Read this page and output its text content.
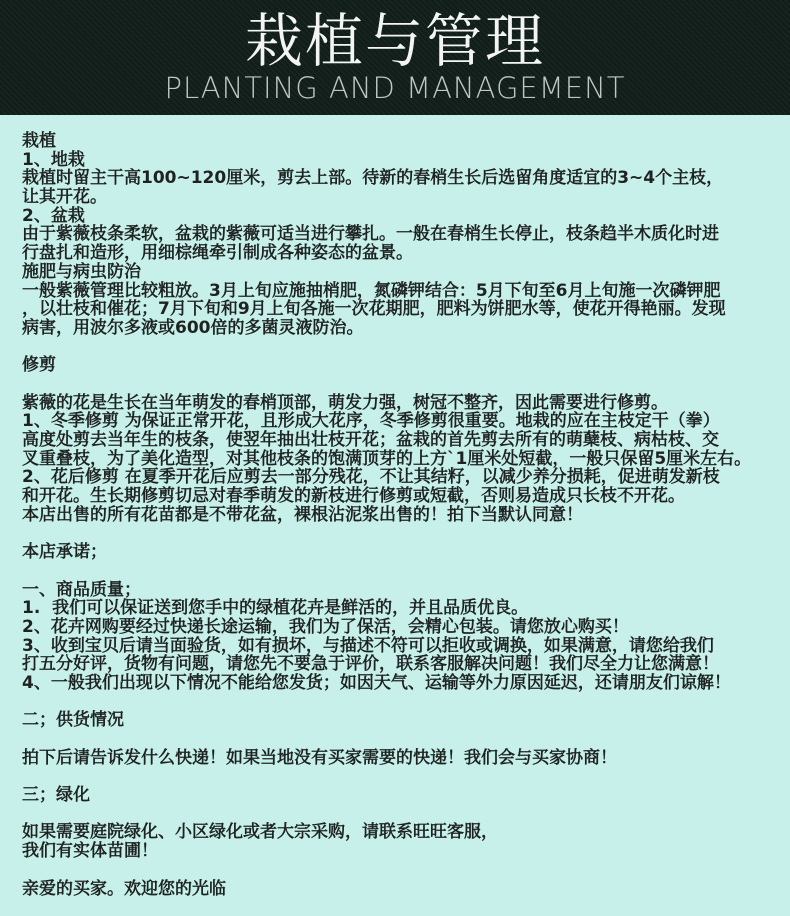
栽植与管理
PLANTING AND MANAGEMENT
栽植
1、地栽
栽植时留主干高100~120厘米，剪去上部。待新的春梢生长后选留角度适宜的3~4个主枝，
让其开花。
2、盆栽
由于紫薇枝条柔软，盆栽的紫薇可适当进行攀扎。一般在春梢生长停止，枝条趋半木质化时进
行盘扎和造形，用细棕绳牵引制成各种姿态的盆景。
施肥与病虫防治
一般紫薇管理比较粗放。3月上旬应施抽梢肥，氮磷钾结合：5月下旬至6月上旬施一次磷钾肥
，以壮枝和催花；7月下旬和9月上旬各施一次花期肥，肥料为饼肥水等，使花开得艳丽。发现
病害，用波尔多液或600倍的多菌灵液防治。

修剪

紫薇的花是生长在当年萌发的春梢顶部，萌发力强，树冠不整齐，因此需要进行修剪。
1、冬季修剪 为保证正常开花，且形成大花序，冬季修剪很重要。地栽的应在主枝定干（拳）
高度处剪去当年生的枝条，使翌年抽出壮枝开花；盆栽的首先剪去所有的萌蘖枝、病枯枝、交
叉重叠枝，为了美化造型，对其他枝条的饱满顶芽的上方`1厘米处短截，一般只保留5厘米左右。
2、花后修剪 在夏季开花后应剪去一部分残花，不让其结籽，以减少养分损耗，促进萌发新枝
和开花。生长期修剪切忌对春季萌发的新枝进行修剪或短截，否则易造成只长枝不开花。
本店出售的所有花苗都是不带花盆，裸根沾泥浆出售的！拍下当默认同意！

本店承诺；

一、商品质量；
1.  我们可以保证送到您手中的绿植花卉是鲜活的，并且品质优良。
2、花卉网购要经过快递长途运输，我们为了保活，会精心包装。请您放心购买！
3、收到宝贝后请当面验货，如有损坏，与描述不符可以拒收或调换，如果满意，请您给我们
打五分好评，货物有问题，请您先不要急于评价，联系客服解决问题！我们尽全力让您满意！
4、一般我们出现以下情况不能给您发货；如因天气、运输等外力原因延迟，还请朋友们谅解！

二；供货情况

拍下后请告诉发什么快递！如果当地没有买家需要的快递！我们会与买家协商！

三；绿化

如果需要庭院绿化、小区绿化或者大宗采购，请联系旺旺客服，
我们有实体苗圃！

亲爱的买家。欢迎您的光临
